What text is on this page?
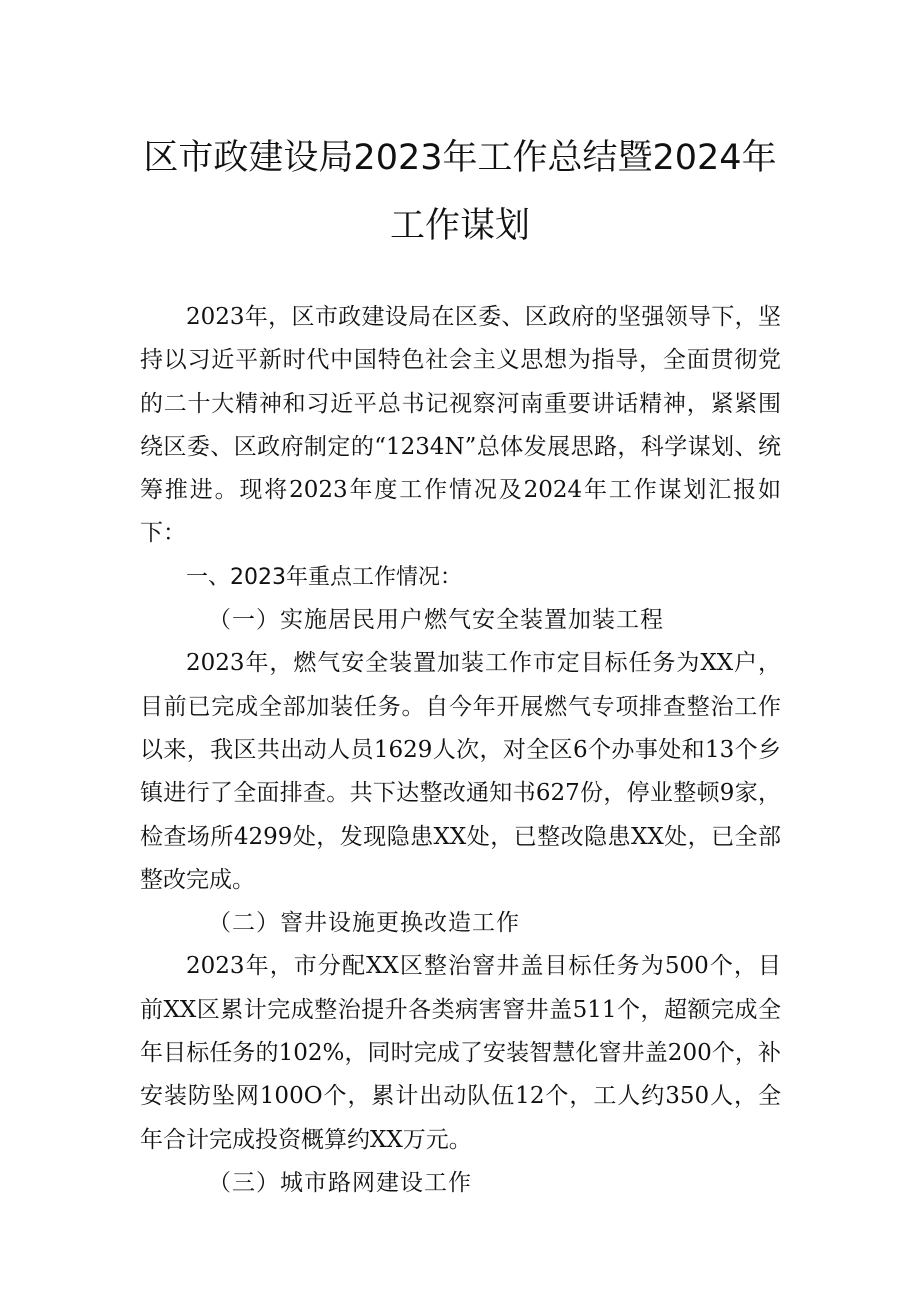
区市政建设局2023年工作总结暨2024年
工作谋划

2023年，区市政建设局在区委、区政府的坚强领导下，坚持以习近平新时代中国特色社会主义思想为指导，全面贯彻党的二十大精神和习近平总书记视察河南重要讲话精神，紧紧围绕区委、区政府制定的“1234N”总体发展思路，科学谋划、统筹推进。现将2023年度工作情况及2024年工作谋划汇报如下：

一、2023年重点工作情况：

（一）实施居民用户燃气安全装置加装工程

2023年，燃气安全装置加装工作市定目标任务为XX户，目前已完成全部加装任务。自今年开展燃气专项排查整治工作以来，我区共出动人员1629人次，对全区6个办事处和13个乡镇进行了全面排查。共下达整改通知书627份，停业整顿9家，检查场所4299处，发现隐患XX处，已整改隐患XX处，已全部整改完成。

（二）窨井设施更换改造工作

2023年，市分配XX区整治窨井盖目标任务为500个，目前XX区累计完成整治提升各类病害窨井盖511个，超额完成全年目标任务的102%，同时完成了安装智慧化窨井盖200个，补安装防坠网100O个，累计出动队伍12个，工人约350人，全年合计完成投资概算约XX万元。

（三）城市路网建设工作
